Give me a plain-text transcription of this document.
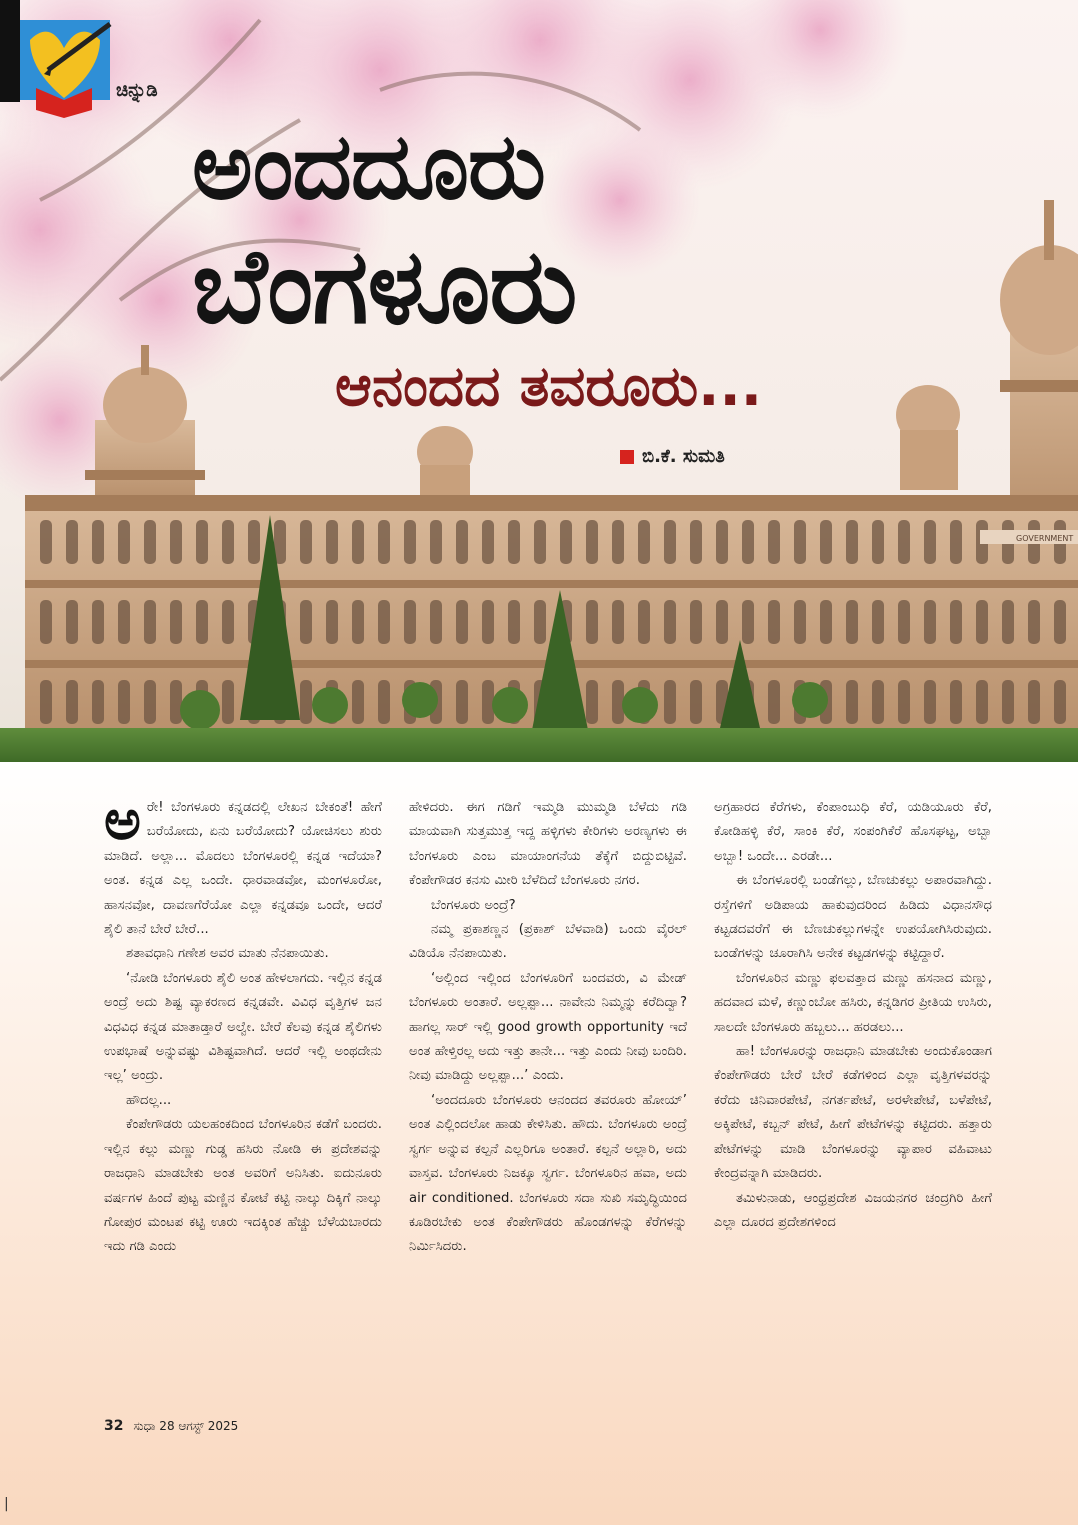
GOVERNMENT
ಚಿನ್ನುಡಿ
ಅಂದದೂರು
ಬೆಂಗಳೂರು
ಆನಂದದ ತವರೂರು...
ಬಿ.ಕೆ. ಸುಮತಿ

ಅರೇ! ಬೆಂಗಳೂರು ಕನ್ನಡದಲ್ಲಿ ಲೇಖನ ಬೇಕಂತೆ! ಹೇಗೆ ಬರೆಯೋದು, ಏನು ಬರೆಯೋದು? ಯೋಚಿಸಲು ಶುರು ಮಾಡಿದೆ. ಅಲ್ಲಾ... ಮೊದಲು ಬೆಂಗಳೂರಲ್ಲಿ ಕನ್ನಡ ಇದೆಯಾ? ಅಂತ. ಕನ್ನಡ ಎಲ್ಲ ಒಂದೇ. ಧಾರವಾಡವೋ, ಮಂಗಳೂರೋ, ಹಾಸನವೋ, ದಾವಣಗೆರೆಯೋ ಎಲ್ಲಾ ಕನ್ನಡವೂ ಒಂದೇ, ಆದರೆ ಶೈಲಿ ತಾನೆ ಬೇರೆ ಬೇರೆ...

ಶತಾವಧಾನಿ ಗಣೇಶ ಅವರ ಮಾತು ನೆನಪಾಯಿತು.

‘ನೋಡಿ ಬೆಂಗಳೂರು ಶೈಲಿ ಅಂತ ಹೇಳಲಾಗದು. ಇಲ್ಲಿನ ಕನ್ನಡ ಅಂದ್ರೆ ಅದು ಶಿಷ್ಟ ವ್ಯಾಕರಣದ ಕನ್ನಡವೇ. ವಿವಿಧ ವೃತ್ತಿಗಳ ಜನ ವಿಧವಿಧ ಕನ್ನಡ ಮಾತಾಡ್ತಾರೆ ಅಲ್ವೇ. ಬೇರೆ ಕೆಲವು ಕನ್ನಡ ಶೈಲಿಗಳು ಉಪಭಾಷೆ ಅನ್ನುವಷ್ಟು ವಿಶಿಷ್ಟವಾಗಿದೆ. ಆದರೆ ಇಲ್ಲಿ ಅಂಥದೇನು ಇಲ್ಲ’ ಅಂದ್ರು.

ಹೌದಲ್ಲ...

ಕೆಂಪೇಗೌಡರು ಯಲಹಂಕದಿಂದ ಬೆಂಗಳೂರಿನ ಕಡೆಗೆ ಬಂದರು. ಇಲ್ಲಿನ ಕಲ್ಲು ಮಣ್ಣು ಗುಡ್ಡ ಹಸಿರು ನೋಡಿ ಈ ಪ್ರದೇಶವನ್ನು ರಾಜಧಾನಿ ಮಾಡಬೇಕು ಅಂತ ಅವರಿಗೆ ಅನಿಸಿತು. ಐದುನೂರು ವರ್ಷಗಳ ಹಿಂದೆ ಪುಟ್ಟ ಮಣ್ಣಿನ ಕೋಟೆ ಕಟ್ಟಿ ನಾಲ್ಕು ದಿಕ್ಕಿಗೆ ನಾಲ್ಕು ಗೋಪುರ ಮಂಟಪ ಕಟ್ಟಿ ಊರು ಇದಕ್ಕಿಂತ ಹೆಚ್ಚು ಬೆಳೆಯಬಾರದು ಇದು ಗಡಿ ಎಂದು

ಹೇಳಿದರು. ಈಗ ಗಡಿಗೆ ಇಮ್ಮಡಿ ಮುಮ್ಮಡಿ ಬೆಳೆದು ಗಡಿ ಮಾಯವಾಗಿ ಸುತ್ತಮುತ್ತ ಇದ್ದ ಹಳ್ಳಿಗಳು ಕೇರಿಗಳು ಅರಣ್ಯಗಳು ಈ ಬೆಂಗಳೂರು ಎಂಬ ಮಾಯಾಂಗನೆಯ ತೆಕ್ಕೆಗೆ ಬಿದ್ದುಬಿಟ್ಟಿವೆ. ಕೆಂಪೇಗೌಡರ ಕನಸು ಮೀರಿ ಬೆಳೆದಿದೆ ಬೆಂಗಳೂರು ನಗರ.

ಬೆಂಗಳೂರು ಅಂದ್ರೆ?

ನಮ್ಮ ಪ್ರಕಾಶಣ್ಣನ (ಪ್ರಕಾಶ್ ಬೆಳವಾಡಿ) ಒಂದು ವೈರಲ್ ವಿಡಿಯೊ ನೆನಪಾಯಿತು.

‘ಅಲ್ಲಿಂದ ಇಲ್ಲಿಂದ ಬೆಂಗಳೂರಿಗೆ ಬಂದವರು, ವಿ ಮೇಡ್ ಬೆಂಗಳೂರು ಅಂತಾರೆ. ಅಲ್ಲಪ್ಪಾ... ನಾವೇನು ನಿಮ್ಮನ್ನು ಕರೆದಿದ್ವಾ? ಹಾಗಲ್ಲ ಸಾರ್ ಇಲ್ಲಿ good growth opportunity ಇದೆ ಅಂತ ಹೇಳ್ತಿರಲ್ಲ ಅದು ಇತ್ತು ತಾನೇ... ಇತ್ತು ಎಂದು ನೀವು ಬಂದಿರಿ. ನೀವು ಮಾಡಿದ್ದು ಅಲ್ಲಪ್ಪಾ...’ ಎಂದು.

‘ಅಂದದೂರು ಬೆಂಗಳೂರು ಆನಂದದ ತವರೂರು ಹೋಯ್’ ಅಂತ ಎಲ್ಲಿಂದಲೋ ಹಾಡು ಕೇಳಿಸಿತು. ಹೌದು. ಬೆಂಗಳೂರು ಅಂದ್ರೆ ಸ್ವರ್ಗ ಅನ್ನುವ ಕಲ್ಪನೆ ಎಲ್ಲರಿಗೂ ಅಂತಾರೆ. ಕಲ್ಪನೆ ಅಲ್ಲಾರಿ, ಅದು ವಾಸ್ತವ. ಬೆಂಗಳೂರು ನಿಜಕ್ಕೂ ಸ್ವರ್ಗ. ಬೆಂಗಳೂರಿನ ಹವಾ, ಅದು air conditioned. ಬೆಂಗಳೂರು ಸದಾ ಸುಖಿ ಸಮೃದ್ಧಿಯಿಂದ ಕೂಡಿರಬೇಕು ಅಂತ ಕೆಂಪೇಗೌಡರು ಹೊಂಡಗಳನ್ನು ಕೆರೆಗಳನ್ನು ನಿರ್ಮಿಸಿದರು.

ಅಗ್ರಹಾರದ ಕೆರೆಗಳು, ಕೆಂಪಾಂಬುಧಿ ಕೆರೆ, ಯಡಿಯೂರು ಕೆರೆ, ಕೋಡಿಹಳ್ಳಿ ಕೆರೆ, ಸಾಂಕಿ ಕೆರೆ, ಸಂಪಂಗಿಕೆರೆ ಹೊಸಘಟ್ಟ, ಅಬ್ಬಾ ಅಬ್ಬಾ! ಒಂದೇ... ಎರಡೇ...

ಈ ಬೆಂಗಳೂರಲ್ಲಿ ಬಂಡೆಗಲ್ಲು, ಬೆಣಚುಕಲ್ಲು ಅಪಾರವಾಗಿದ್ದು. ರಸ್ತೆಗಳಿಗೆ ಅಡಿಪಾಯ ಹಾಕುವುದರಿಂದ ಹಿಡಿದು ವಿಧಾನಸೌಧ ಕಟ್ಟಡದವರೆಗೆ ಈ ಬೆಣಚುಕಲ್ಲುಗಳನ್ನೇ ಉಪಯೋಗಿಸಿರುವುದು. ಬಂಡೆಗಳನ್ನು ಚೂರಾಗಿಸಿ ಅನೇಕ ಕಟ್ಟಡಗಳನ್ನು ಕಟ್ಟಿದ್ದಾರೆ.

ಬೆಂಗಳೂರಿನ ಮಣ್ಣು ಫಲವತ್ತಾದ ಮಣ್ಣು ಹಸನಾದ ಮಣ್ಣು, ಹದವಾದ ಮಳೆ, ಕಣ್ಣುಂಬೋ ಹಸಿರು, ಕನ್ನಡಿಗರ ಪ್ರೀತಿಯ ಉಸಿರು, ಸಾಲದೇ ಬೆಂಗಳೂರು ಹಬ್ಬಲು... ಹರಡಲು...

ಹಾ! ಬೆಂಗಳೂರನ್ನು ರಾಜಧಾನಿ ಮಾಡಬೇಕು ಅಂದುಕೊಂಡಾಗ ಕೆಂಪೇಗೌಡರು ಬೇರೆ ಬೇರೆ ಕಡೆಗಳಿಂದ ಎಲ್ಲಾ ವೃತ್ತಿಗಳವರನ್ನು ಕರೆದು ಚಿನಿವಾರಪೇಟೆ, ನಗರ್ತಪೇಟೆ, ಅರಳೇಪೇಟೆ, ಬಳೆಪೇಟೆ, ಅಕ್ಕಿಪೇಟೆ, ಕಬ್ಬನ್ ಪೇಟೆ, ಹೀಗೆ ಪೇಟೆಗಳನ್ನು ಕಟ್ಟಿದರು. ಹತ್ತಾರು ಪೇಟೆಗಳನ್ನು ಮಾಡಿ ಬೆಂಗಳೂರನ್ನು ವ್ಯಾಪಾರ ವಹಿವಾಟು ಕೇಂದ್ರವನ್ನಾಗಿ ಮಾಡಿದರು.

ತಮಿಳುನಾಡು, ಆಂಧ್ರಪ್ರದೇಶ ವಿಜಯನಗರ ಚಂದ್ರಗಿರಿ ಹೀಗೆ ಎಲ್ಲಾ ದೂರದ ಪ್ರದೇಶಗಳಿಂದ

32 ಸುಧಾ 28 ಆಗಸ್ಟ್ 2025
|
